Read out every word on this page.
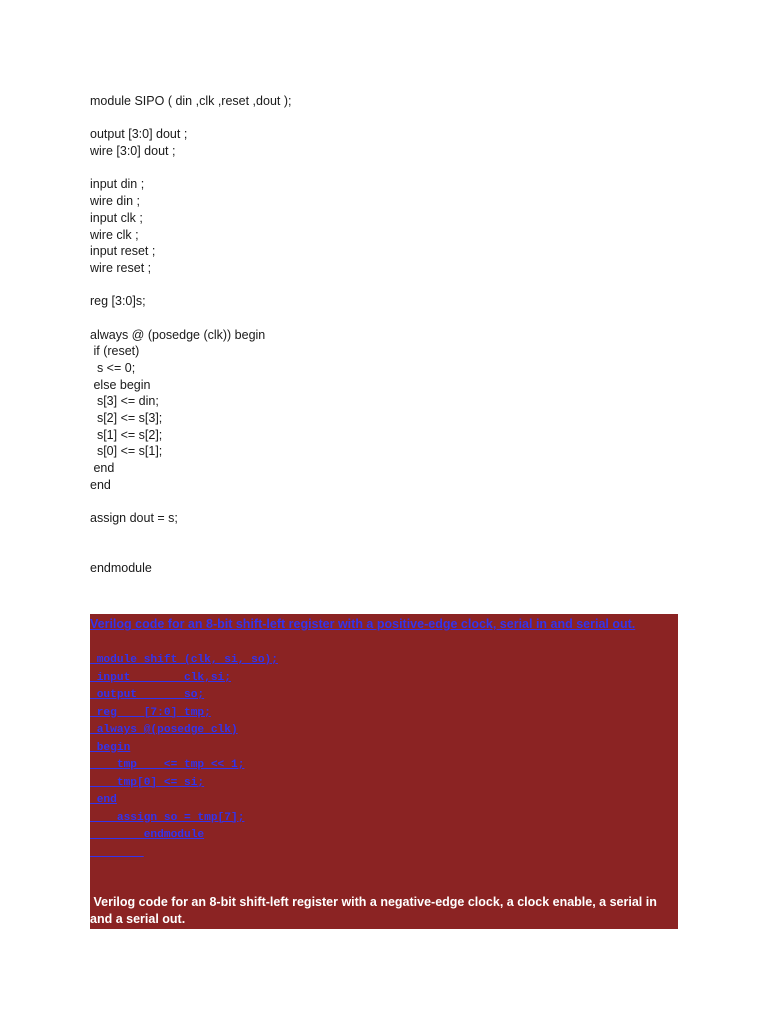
module SIPO ( din ,clk ,reset ,dout );
output [3:0] dout ;
wire [3:0] dout ;
input din ;
wire din ;
input clk ;
wire clk ;
input reset ;
wire reset ;
reg [3:0]s;
always @ (posedge (clk)) begin
if (reset)
s <= 0;
else begin
s[3] <= din;
s[2] <= s[3];
s[1] <= s[2];
s[0] <= s[1];
end
end
assign dout = s;
endmodule
Verilog code for an 8-bit shift-left register with a positive-edge clock, serial in and serial out.
module shift (clk, si, so);
input        clk,si;
output       so;
reg    [7:0] tmp;
always @(posedge clk)
begin
tmp    <= tmp << 1;
tmp[0] <= si;
end
assign so = tmp[7];
endmodule

Verilog code for an 8-bit shift-left register with a negative-edge clock, a clock enable, a serial in and a serial out.
